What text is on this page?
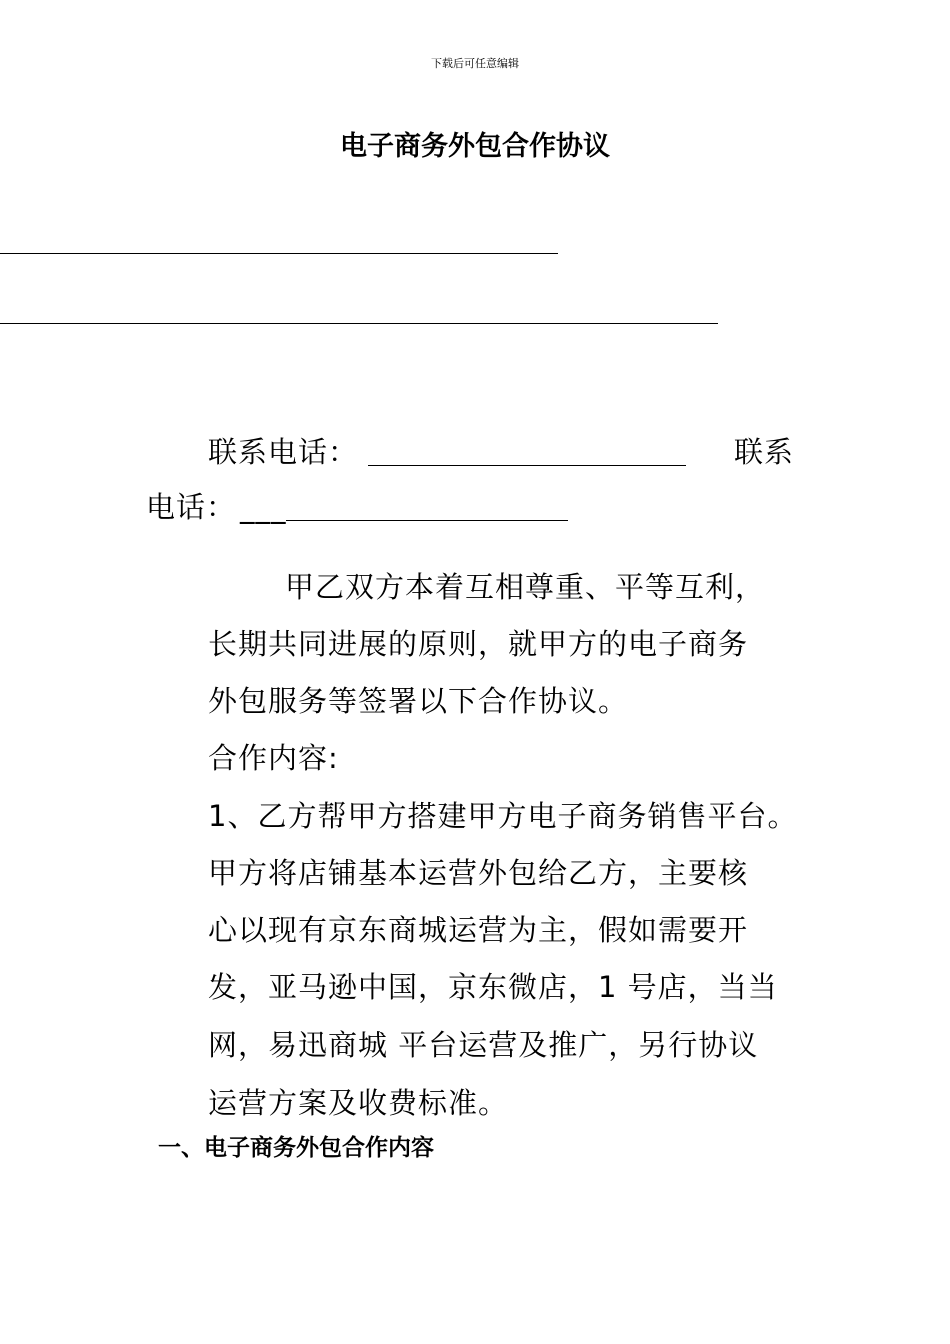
下载后可任意编辑
电子商务外包合作协议
联系电话：	联系
电话： ___
甲乙双方本着互相尊重、平等互利，
长期共同进展的原则，就甲方的电子商务
外包服务等签署以下合作协议。
合作内容:
1、乙方帮甲方搭建甲方电子商务销售平台。
甲方将店铺基本运营外包给乙方，主要核
心以现有京东商城运营为主，假如需要开
发，亚马逊中国，京东微店，1 号店，当当
网，易迅商城 平台运营及推广，另行协议
运营方案及收费标准。
一、电子商务外包合作内容
